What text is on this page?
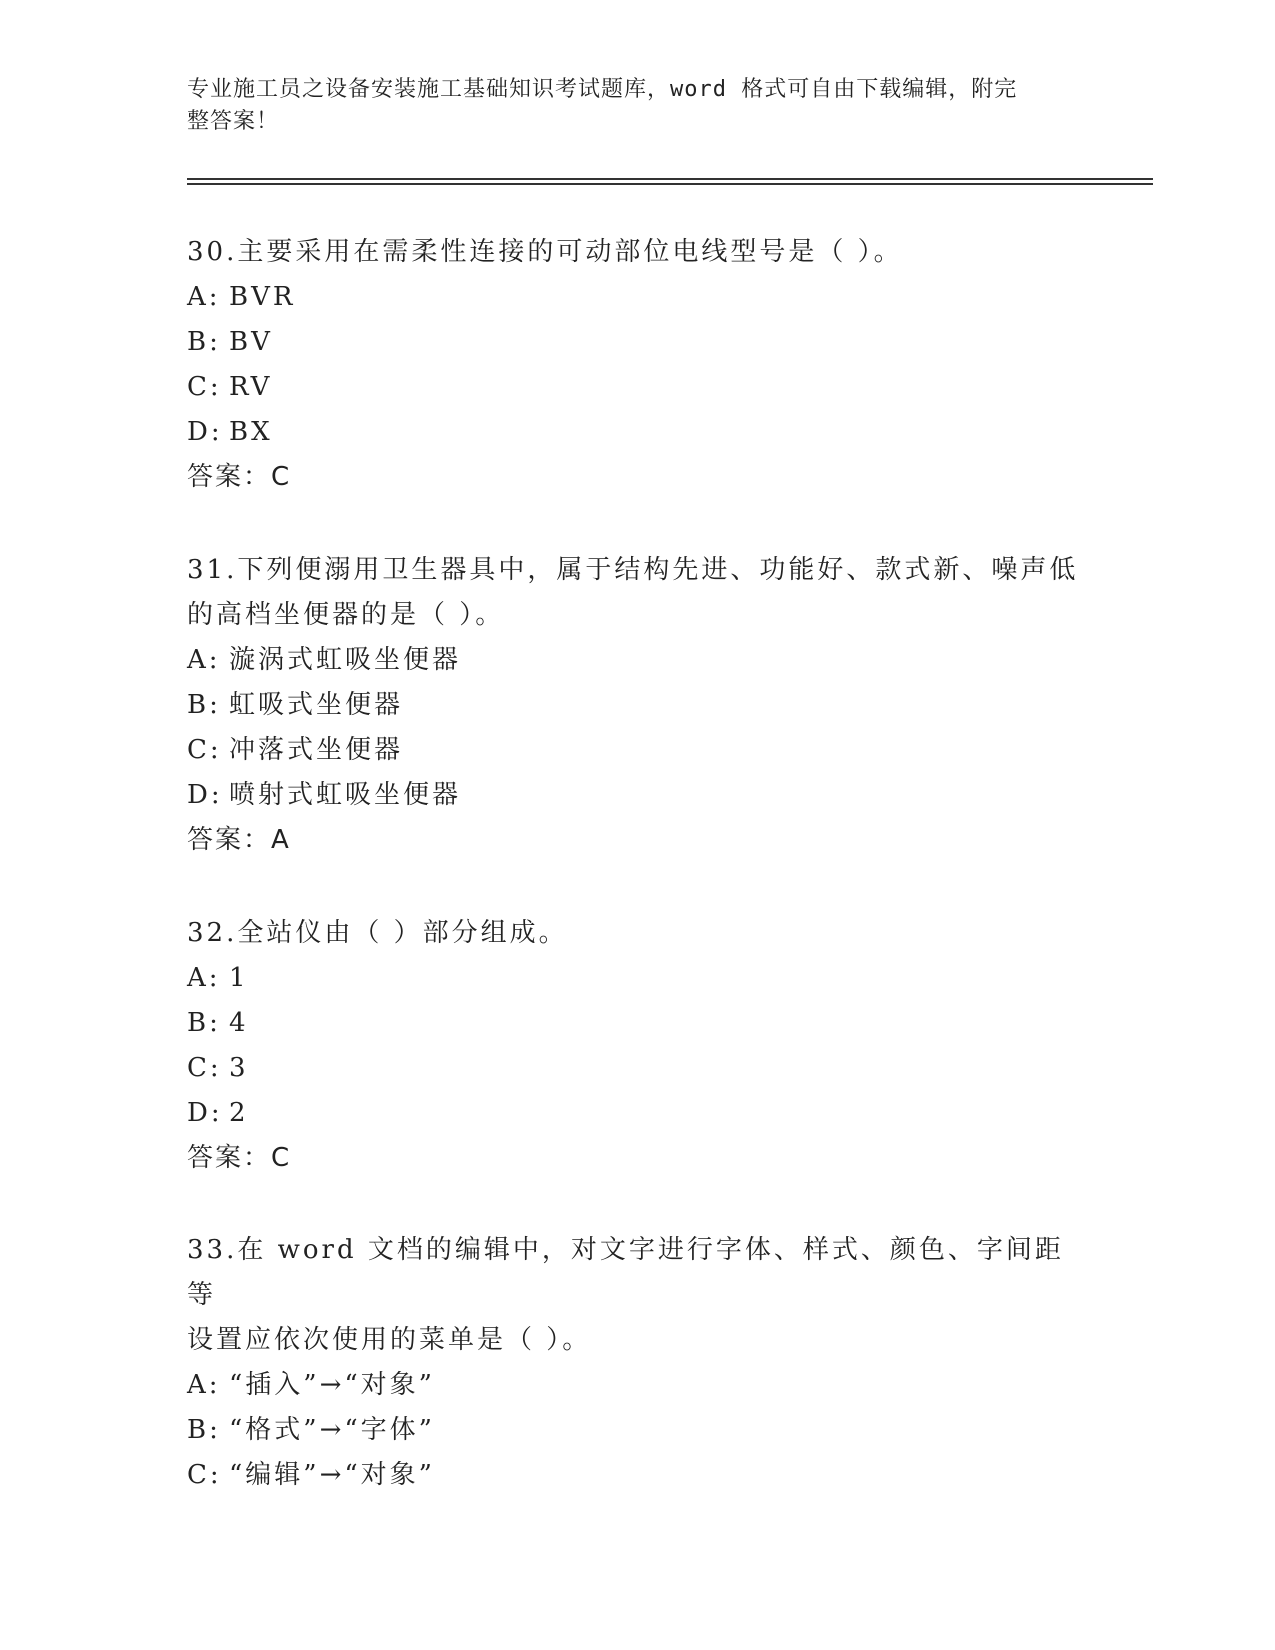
专业施工员之设备安装施工基础知识考试题库，word 格式可自由下载编辑，附完
整答案！

30.主要采用在需柔性连接的可动部位电线型号是（ ）。

A: BVR

B: BV

C: RV

D: BX

答案：C

31.下列便溺用卫生器具中，属于结构先进、功能好、款式新、噪声低

的高档坐便器的是（ ）。

A: 漩涡式虹吸坐便器

B: 虹吸式坐便器

C: 冲落式坐便器

D: 喷射式虹吸坐便器

答案：A

32.全站仪由（ ）部分组成。

A: 1

B: 4

C: 3

D: 2

答案：C

33.在 word 文档的编辑中，对文字进行字体、样式、颜色、字间距等

设置应依次使用的菜单是（ ）。

A: “插入”→“对象”

B: “格式”→“字体”

C: “编辑”→“对象”
